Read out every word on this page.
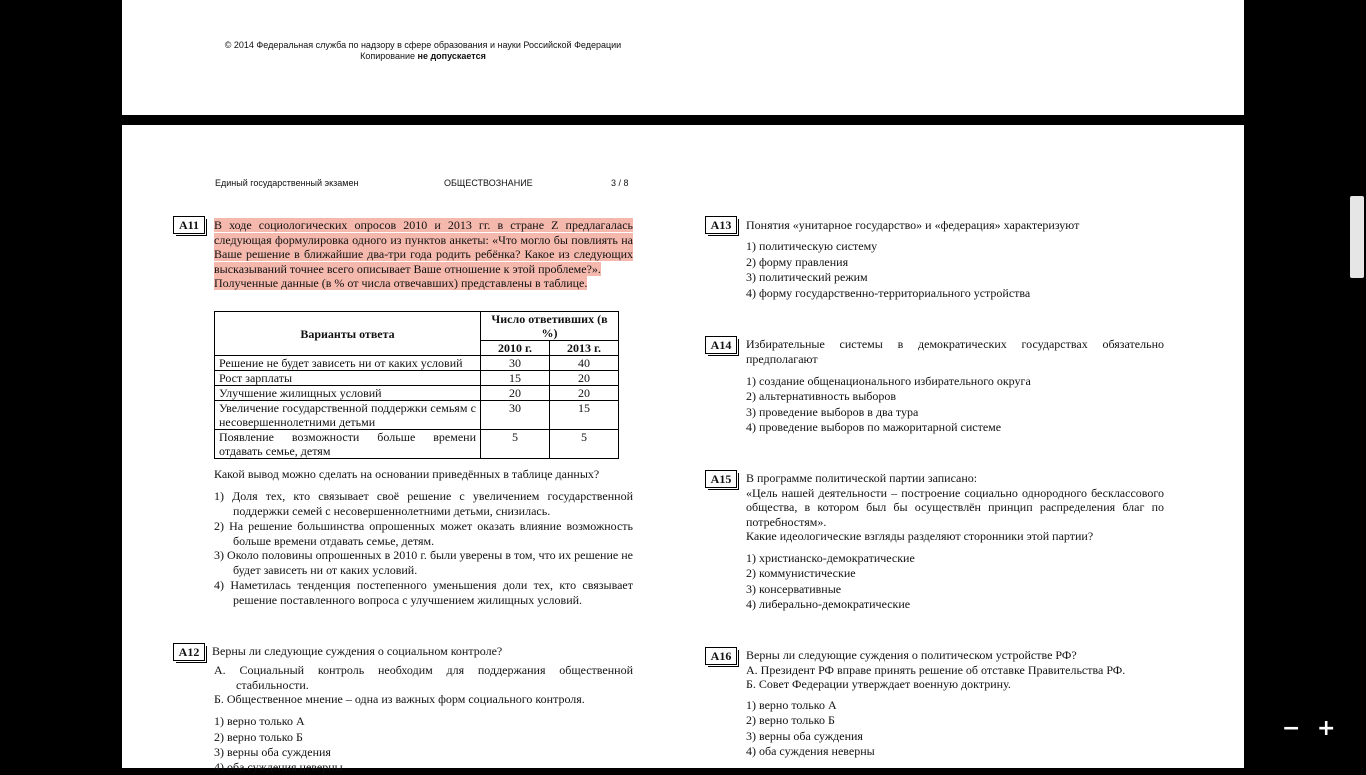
© 2014 Федеральная служба по надзору в сфере образования и науки Российской Федерации
Копирование не допускается
Единый государственный экзамен	ОБЩЕСТВОЗНАНИЕ	3 / 8
A11	В ходе социологических опросов 2010 и 2013 гг. в стране Z предлагалась следующая формулировка одного из пунктов анкеты: «Что могло бы повлиять на Ваше решение в ближайшие два-три года родить ребёнка? Какое из следующих высказываний точнее всего описывает Ваше отношение к этой проблеме?».
Полученные данные (в % от числа отвечавших) представлены в таблице.
Варианты ответа	Число ответивших (в %)	
	2010 г.	2013 г.
Решение не будет зависеть ни от каких условий	30	40
Рост зарплаты	15	20
Улучшение жилищных условий	20	20
Увеличение государственной поддержки семьям с несовершеннолетними детьми	30	15
Появление возможности больше времени отдавать семье, детям	5	5
Какой вывод можно сделать на основании приведённых в таблице данных?
1) Доля тех, кто связывает своё решение с увеличением государственной поддержки семей с несовершеннолетними детьми, снизилась.
2) На решение большинства опрошенных может оказать влияние возможность больше времени отдавать семье, детям.
3) Около половины опрошенных в 2010 г. были уверены в том, что их решение не будет зависеть ни от каких условий.
4) Наметилась тенденция постепенного уменьшения доли тех, кто связывает решение поставленного вопроса с улучшением жилищных условий.
A12	Верны ли следующие суждения о социальном контроле?
А. Социальный контроль необходим для поддержания общественной стабильности.
Б. Общественное мнение – одна из важных форм социального контроля.
1) верно только А
2) верно только Б
3) верны оба суждения
4) оба суждения неверны
A13	Понятия «унитарное государство» и «федерация» характеризуют
1) политическую систему
2) форму правления
3) политический режим
4) форму государственно-территориального устройства
A14	Избирательные системы в демократических государствах обязательно предполагают
1) создание общенационального избирательного округа
2) альтернативность выборов
3) проведение выборов в два тура
4) проведение выборов по мажоритарной системе
A15	В программе политической партии записано:
«Цель нашей деятельности – построение социально однородного бесклассового общества, в котором был бы осуществлён принцип распределения благ по потребностям».
Какие идеологические взгляды разделяют сторонники этой партии?
1) христианско-демократические
2) коммунистические
3) консервативные
4) либерально-демократические
A16	Верны ли следующие суждения о политическом устройстве РФ?
А. Президент РФ вправе принять решение об отставке Правительства РФ.
Б. Совет Федерации утверждает военную доктрину.
1) верно только А
2) верно только Б
3) верны оба суждения
4) оба суждения неверны
− +
